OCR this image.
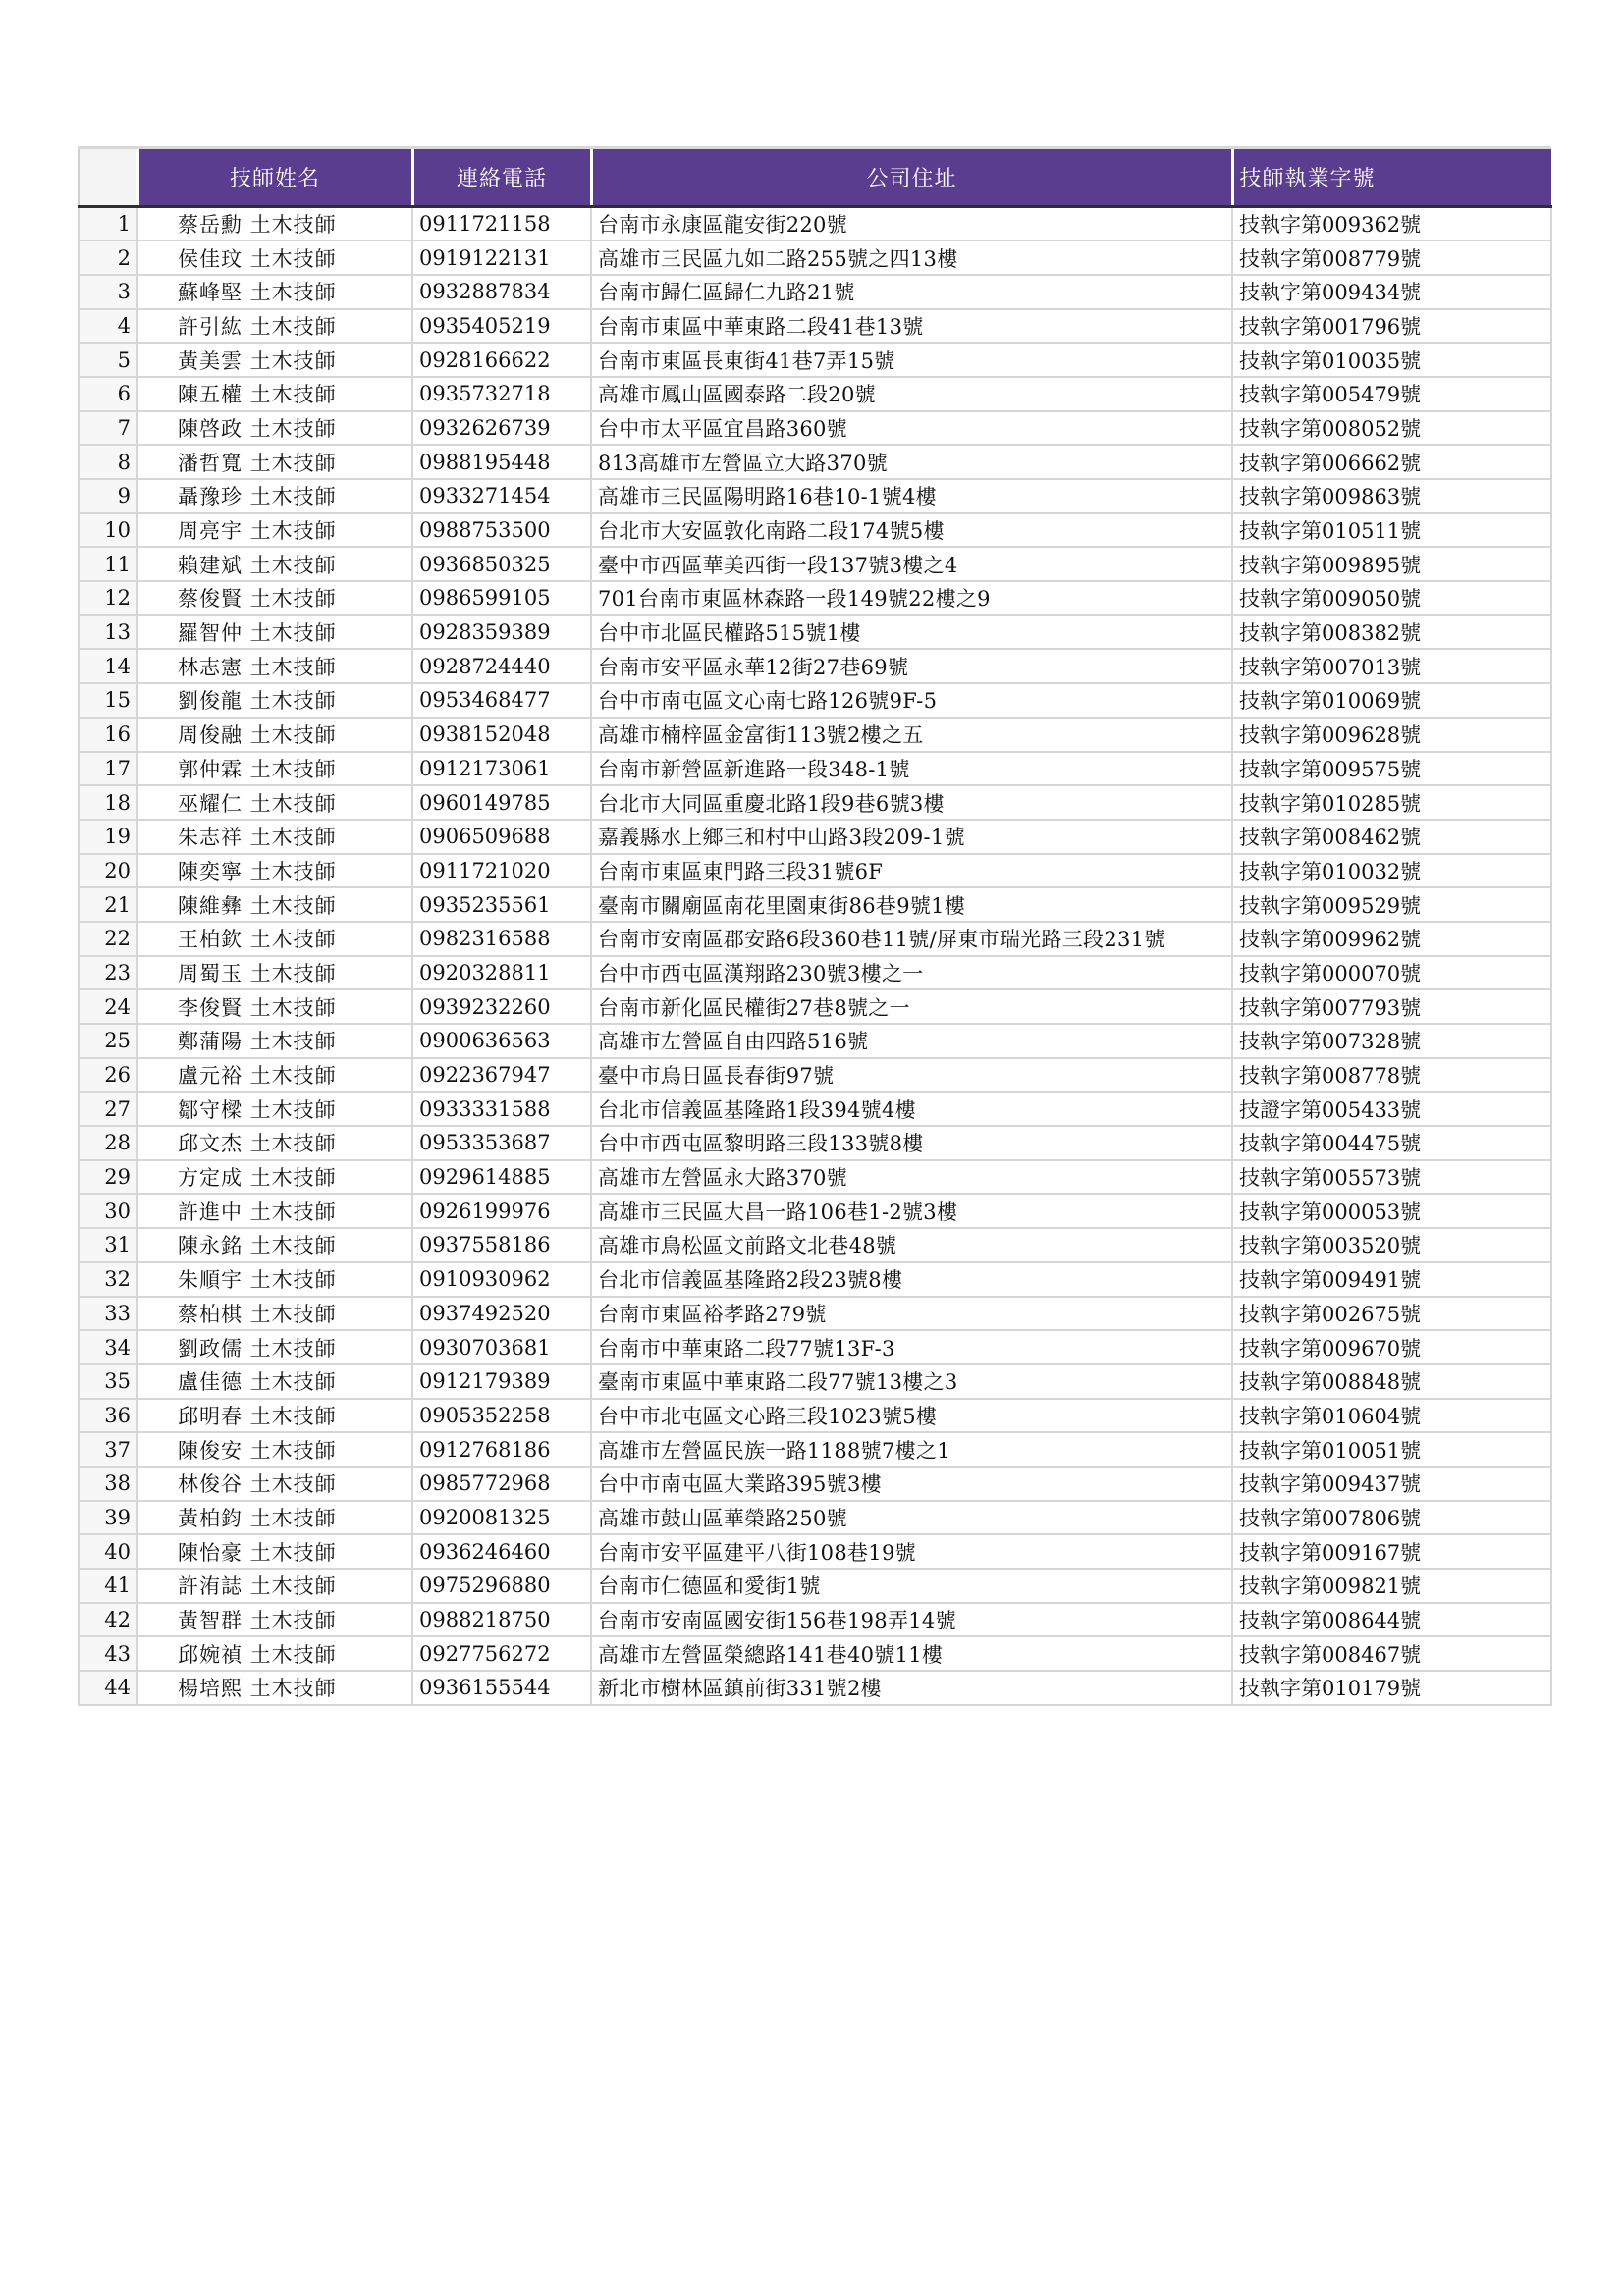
	技師姓名	連絡電話	公司住址	技師執業字號
1	蔡岳勳 土木技師	0911721158	台南市永康區龍安街220號	技執字第009362號
2	侯佳玟 土木技師	0919122131	高雄市三民區九如二路255號之四13樓	技執字第008779號
3	蘇峰堅 土木技師	0932887834	台南市歸仁區歸仁九路21號	技執字第009434號
4	許引紘 土木技師	0935405219	台南市東區中華東路二段41巷13號	技執字第001796號
5	黃美雲 土木技師	0928166622	台南市東區長東街41巷7弄15號	技執字第010035號
6	陳五權 土木技師	0935732718	高雄市鳳山區國泰路二段20號	技執字第005479號
7	陳啓政 土木技師	0932626739	台中市太平區宜昌路360號	技執字第008052號
8	潘哲寬 土木技師	0988195448	813高雄市左營區立大路370號	技執字第006662號
9	聶豫珍 土木技師	0933271454	高雄市三民區陽明路16巷10-1號4樓	技執字第009863號
10	周亮宇 土木技師	0988753500	台北市大安區敦化南路二段174號5樓	技執字第010511號
11	賴建斌 土木技師	0936850325	臺中市西區華美西街一段137號3樓之4	技執字第009895號
12	蔡俊賢 土木技師	0986599105	701台南市東區林森路一段149號22樓之9	技執字第009050號
13	羅智仲 土木技師	0928359389	台中市北區民權路515號1樓	技執字第008382號
14	林志憲 土木技師	0928724440	台南市安平區永華12街27巷69號	技執字第007013號
15	劉俊龍 土木技師	0953468477	台中市南屯區文心南七路126號9F-5	技執字第010069號
16	周俊融 土木技師	0938152048	高雄市楠梓區金富街113號2樓之五	技執字第009628號
17	郭仲霖 土木技師	0912173061	台南市新營區新進路一段348-1號	技執字第009575號
18	巫耀仁 土木技師	0960149785	台北市大同區重慶北路1段9巷6號3樓	技執字第010285號
19	朱志祥 土木技師	0906509688	嘉義縣水上鄉三和村中山路3段209-1號	技執字第008462號
20	陳奕寧 土木技師	0911721020	台南市東區東門路三段31號6F	技執字第010032號
21	陳維彝 土木技師	0935235561	臺南市關廟區南花里園東街86巷9號1樓	技執字第009529號
22	王柏欽 土木技師	0982316588	台南市安南區郡安路6段360巷11號/屏東市瑞光路三段231號	技執字第009962號
23	周蜀玉 土木技師	0920328811	台中市西屯區漢翔路230號3樓之一	技執字第000070號
24	李俊賢 土木技師	0939232260	台南市新化區民權街27巷8號之一	技執字第007793號
25	鄭蒲陽 土木技師	0900636563	高雄市左營區自由四路516號	技執字第007328號
26	盧元裕 土木技師	0922367947	臺中市烏日區長春街97號	技執字第008778號
27	鄒守樑 土木技師	0933331588	台北市信義區基隆路1段394號4樓	技證字第005433號
28	邱文杰 土木技師	0953353687	台中市西屯區黎明路三段133號8樓	技執字第004475號
29	方定成 土木技師	0929614885	高雄市左營區永大路370號	技執字第005573號
30	許進中 土木技師	0926199976	高雄市三民區大昌一路106巷1-2號3樓	技執字第000053號
31	陳永銘 土木技師	0937558186	高雄市鳥松區文前路文北巷48號	技執字第003520號
32	朱順宇 土木技師	0910930962	台北市信義區基隆路2段23號8樓	技執字第009491號
33	蔡柏棋 土木技師	0937492520	台南市東區裕孝路279號	技執字第002675號
34	劉政儒 土木技師	0930703681	台南市中華東路二段77號13F-3	技執字第009670號
35	盧佳德 土木技師	0912179389	臺南市東區中華東路二段77號13樓之3	技執字第008848號
36	邱明春 土木技師	0905352258	台中市北屯區文心路三段1023號5樓	技執字第010604號
37	陳俊安 土木技師	0912768186	高雄市左營區民族一路1188號7樓之1	技執字第010051號
38	林俊谷 土木技師	0985772968	台中市南屯區大業路395號3樓	技執字第009437號
39	黃柏鈞 土木技師	0920081325	高雄市鼓山區華榮路250號	技執字第007806號
40	陳怡豪 土木技師	0936246460	台南市安平區建平八街108巷19號	技執字第009167號
41	許洧誌 土木技師	0975296880	台南市仁德區和愛街1號	技執字第009821號
42	黃智群 土木技師	0988218750	台南市安南區國安街156巷198弄14號	技執字第008644號
43	邱婉禎 土木技師	0927756272	高雄市左營區榮總路141巷40號11樓	技執字第008467號
44	楊培熙 土木技師	0936155544	新北市樹林區鎮前街331號2樓	技執字第010179號
